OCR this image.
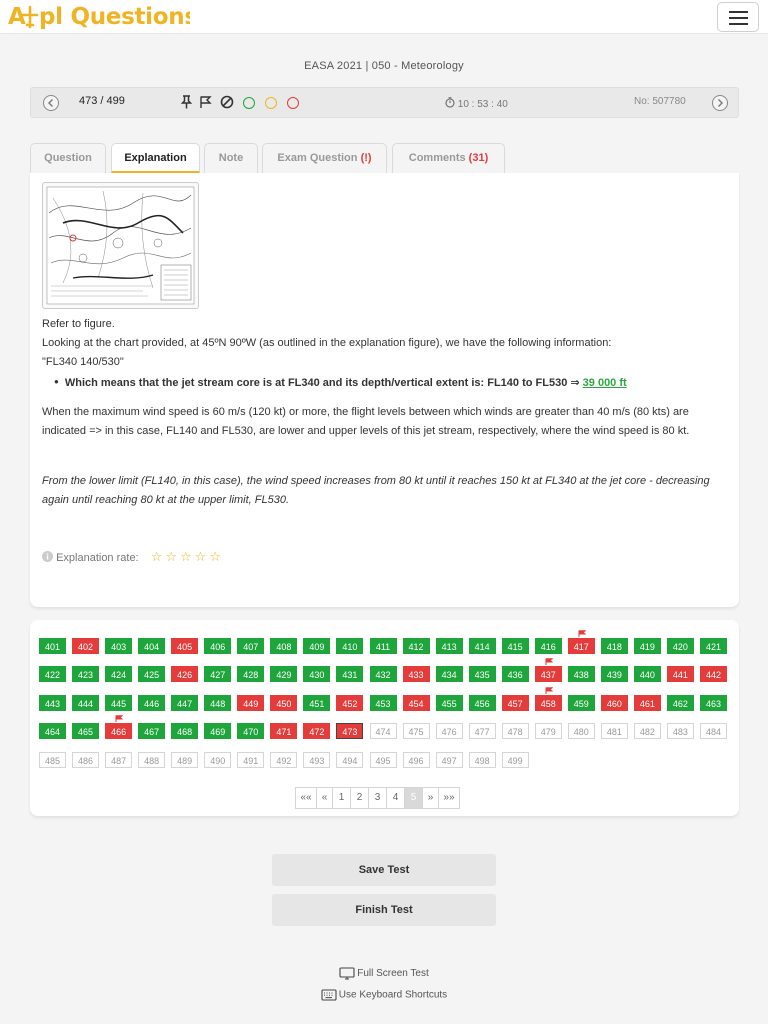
A pl Questions
EASA 2021 | 050 - Meteorology
473 / 499	10 : 53 : 40	No: 507780
Question	Explanation	Note	Exam Question (!)	Comments (31)
Refer to figure.
Looking at the chart provided, at 45ºN 90ºW (as outlined in the explanation figure), we have the following information:
"FL340 140/530"
● Which means that the jet stream core is at FL340 and its depth/vertical extent is: FL140 to FL530 ⇒ 39 000 ft
When the maximum wind speed is 60 m/s (120 kt) or more, the flight levels between which winds are greater than 40 m/s (80 kts) are indicated => in this case, FL140 and FL530, are lower and upper levels of this jet stream, respectively, where the wind speed is 80 kt.
From the lower limit (FL140, in this case), the wind speed increases from 80 kt until it reaches 150 kt at FL340 at the jet core - decreasing again until reaching 80 kt at the upper limit, FL530.
Explanation rate: ☆ ☆ ☆ ☆ ☆
401	402	403	404	405	406	407	408	409	410	411	412	413	414	415	416	417	418	419	420	421
422	423	424	425	426	427	428	429	430	431	432	433	434	435	436	437	438	439	440	441	442
443	444	445	446	447	448	449	450	451	452	453	454	455	456	457	458	459	460	461	462	463
464	465	466	467	468	469	470	471	472	473	474	475	476	477	478	479	480	481	482	483	484
485	486	487	488	489	490	491	492	493	494	495	496	497	498	499
««	«	1	2	3	4	5	»	»»
Save Test
Finish Test
Full Screen Test
Use Keyboard Shortcuts
